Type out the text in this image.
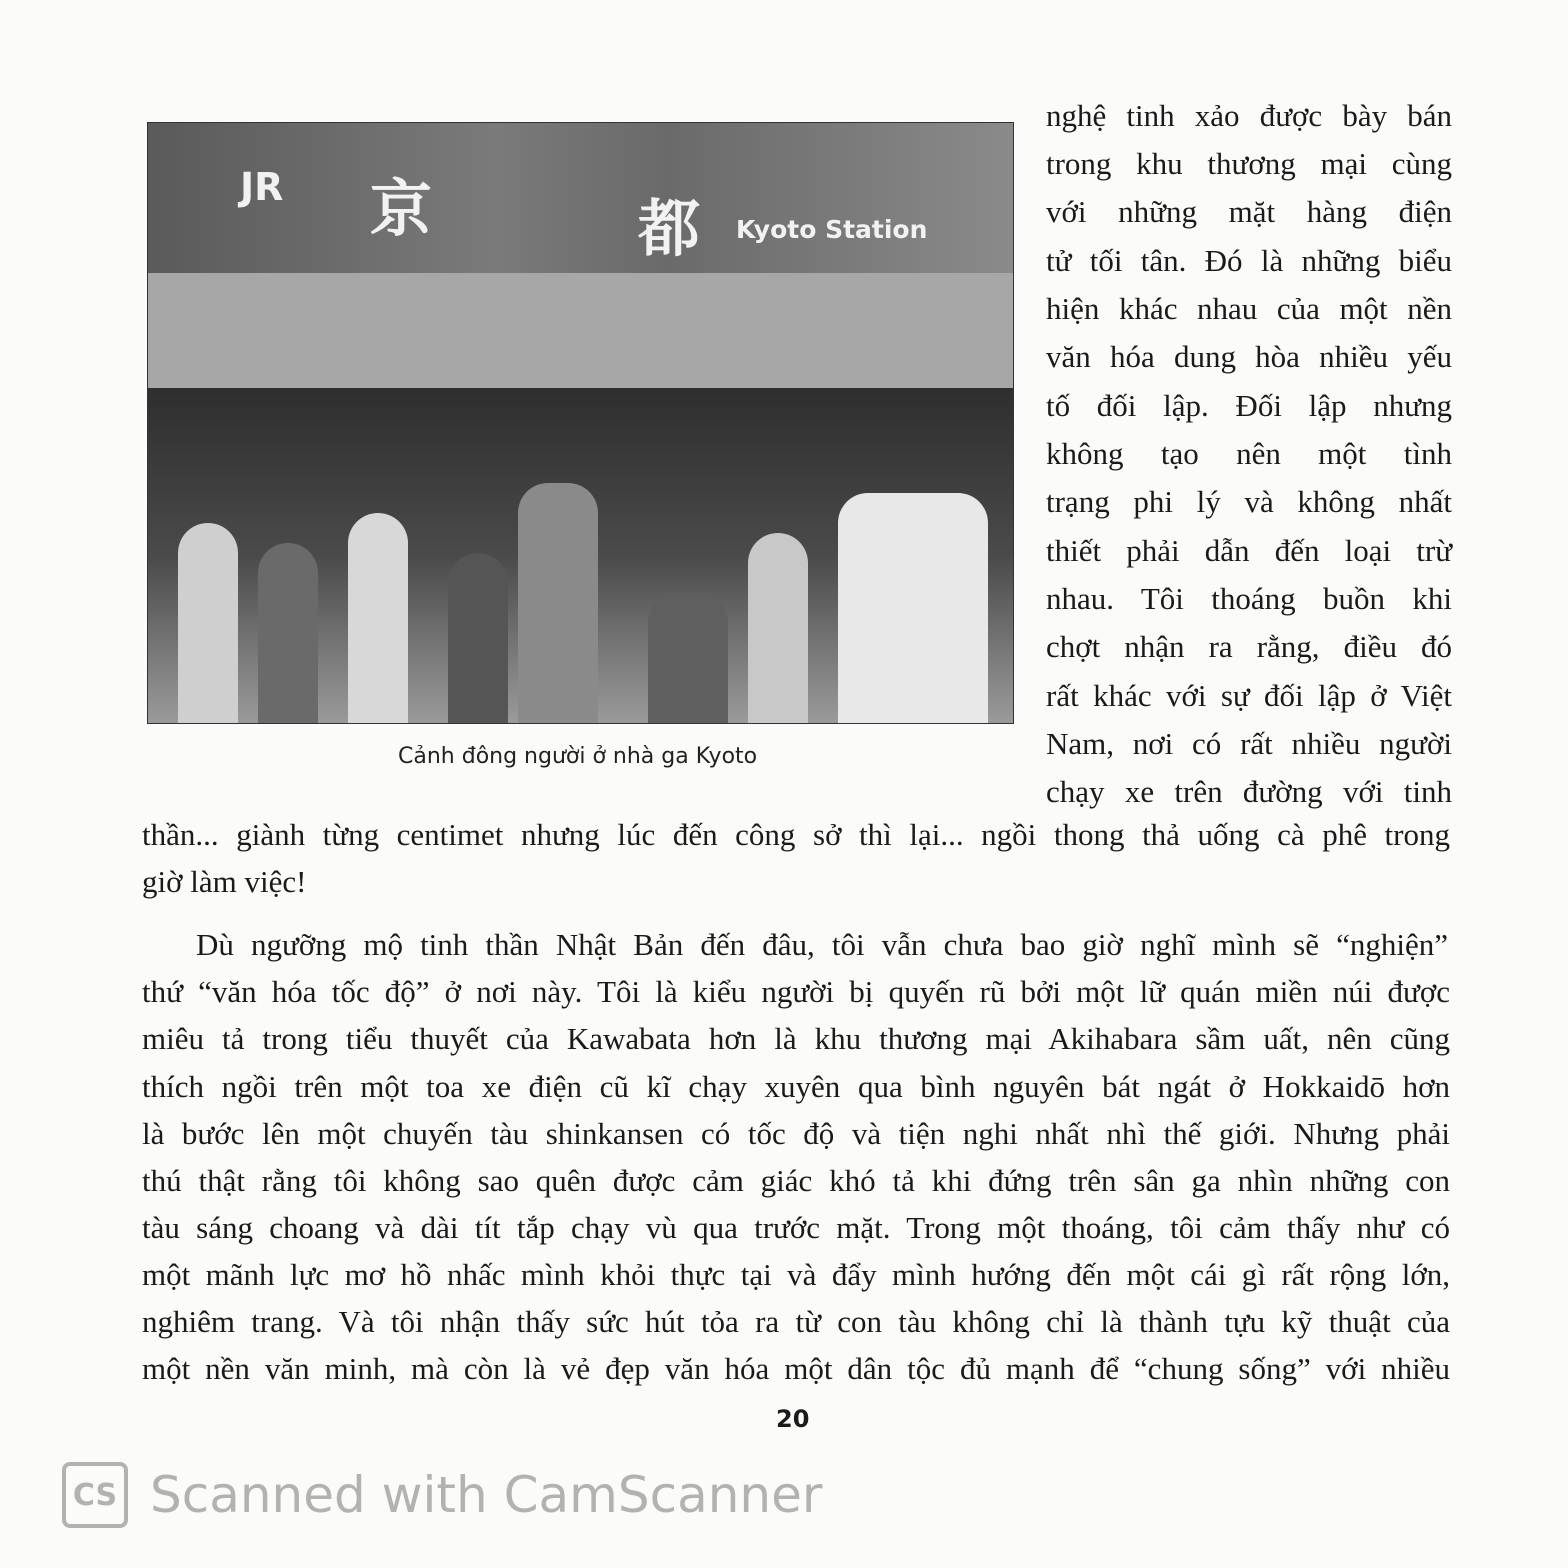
JR 京	都 Kyoto Station
Cảnh đông người ở nhà ga Kyoto
nghệ tinh xảo được bày bán
trong khu thương mại cùng
với những mặt hàng điện
tử tối tân. Đó là những biểu
hiện khác nhau của một nền
văn hóa dung hòa nhiều yếu
tố đối lập. Đối lập nhưng
không tạo nên một tình
trạng phi lý và không nhất
thiết phải dẫn đến loại trừ
nhau. Tôi thoáng buồn khi
chợt nhận ra rằng, điều đó
rất khác với sự đối lập ở Việt
Nam, nơi có rất nhiều người
chạy xe trên đường với tinh
thần... giành từng centimet nhưng lúc đến công sở thì lại... ngồi thong thả uống cà phê trong
giờ làm việc!
Dù ngưỡng mộ tinh thần Nhật Bản đến đâu, tôi vẫn chưa bao giờ nghĩ mình sẽ “nghiện”
thứ “văn hóa tốc độ” ở nơi này. Tôi là kiểu người bị quyến rũ bởi một lữ quán miền núi được
miêu tả trong tiểu thuyết của Kawabata hơn là khu thương mại Akihabara sầm uất, nên cũng
thích ngồi trên một toa xe điện cũ kĩ chạy xuyên qua bình nguyên bát ngát ở Hokkaidō hơn
là bước lên một chuyến tàu shinkansen có tốc độ và tiện nghi nhất nhì thế giới. Nhưng phải
thú thật rằng tôi không sao quên được cảm giác khó tả khi đứng trên sân ga nhìn những con
tàu sáng choang và dài tít tắp chạy vù qua trước mặt. Trong một thoáng, tôi cảm thấy như có
một mãnh lực mơ hồ nhấc mình khỏi thực tại và đẩy mình hướng đến một cái gì rất rộng lớn,
nghiêm trang. Và tôi nhận thấy sức hút tỏa ra từ con tàu không chỉ là thành tựu kỹ thuật của
một nền văn minh, mà còn là vẻ đẹp văn hóa một dân tộc đủ mạnh để “chung sống” với nhiều
20
CS Scanned with CamScanner
